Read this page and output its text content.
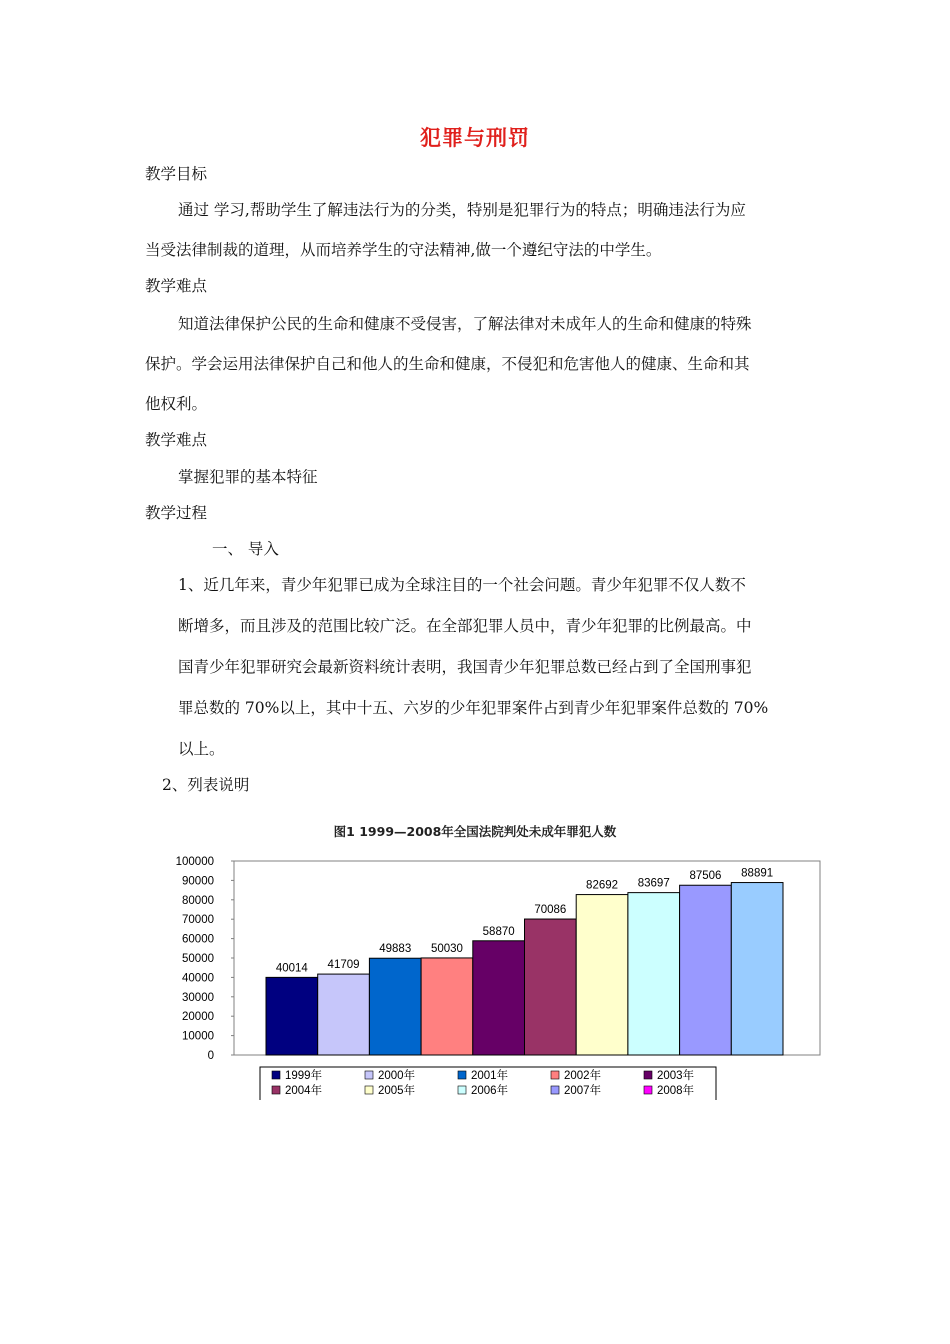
犯罪与刑罚
教学目标
通过 学习,帮助学生了解违法行为的分类，特别是犯罪行为的特点；明确违法行为应
当受法律制裁的道理，从而培养学生的守法精神,做一个遵纪守法的中学生。
教学难点
知道法律保护公民的生命和健康不受侵害，了解法律对未成年人的生命和健康的特殊
保护。学会运用法律保护自己和他人的生命和健康，不侵犯和危害他人的健康、生命和其
他权利。
教学难点
掌握犯罪的基本特征
教学过程
一、 导入
1、近几年来，青少年犯罪已成为全球注目的一个社会问题。青少年犯罪不仅人数不
断增多，而且涉及的范围比较广泛。在全部犯罪人员中，青少年犯罪的比例最高。中
国青少年犯罪研究会最新资料统计表明，我国青少年犯罪总数已经占到了全国刑事犯
罪总数的 70%以上，其中十五、六岁的少年犯罪案件占到青少年犯罪案件总数的 70%
以上。
2、列表说明
图1 1999—2008年全国法院判处未成年罪犯人数
0
10000
20000
30000
40000
50000
60000
70000
80000
90000
100000
40014 41709
49883 50030
58870
70086
82692 83697
87506 88891
1999年	2000年	2001年	2002年	2003年
2004年	2005年	2006年	2007年	2008年
